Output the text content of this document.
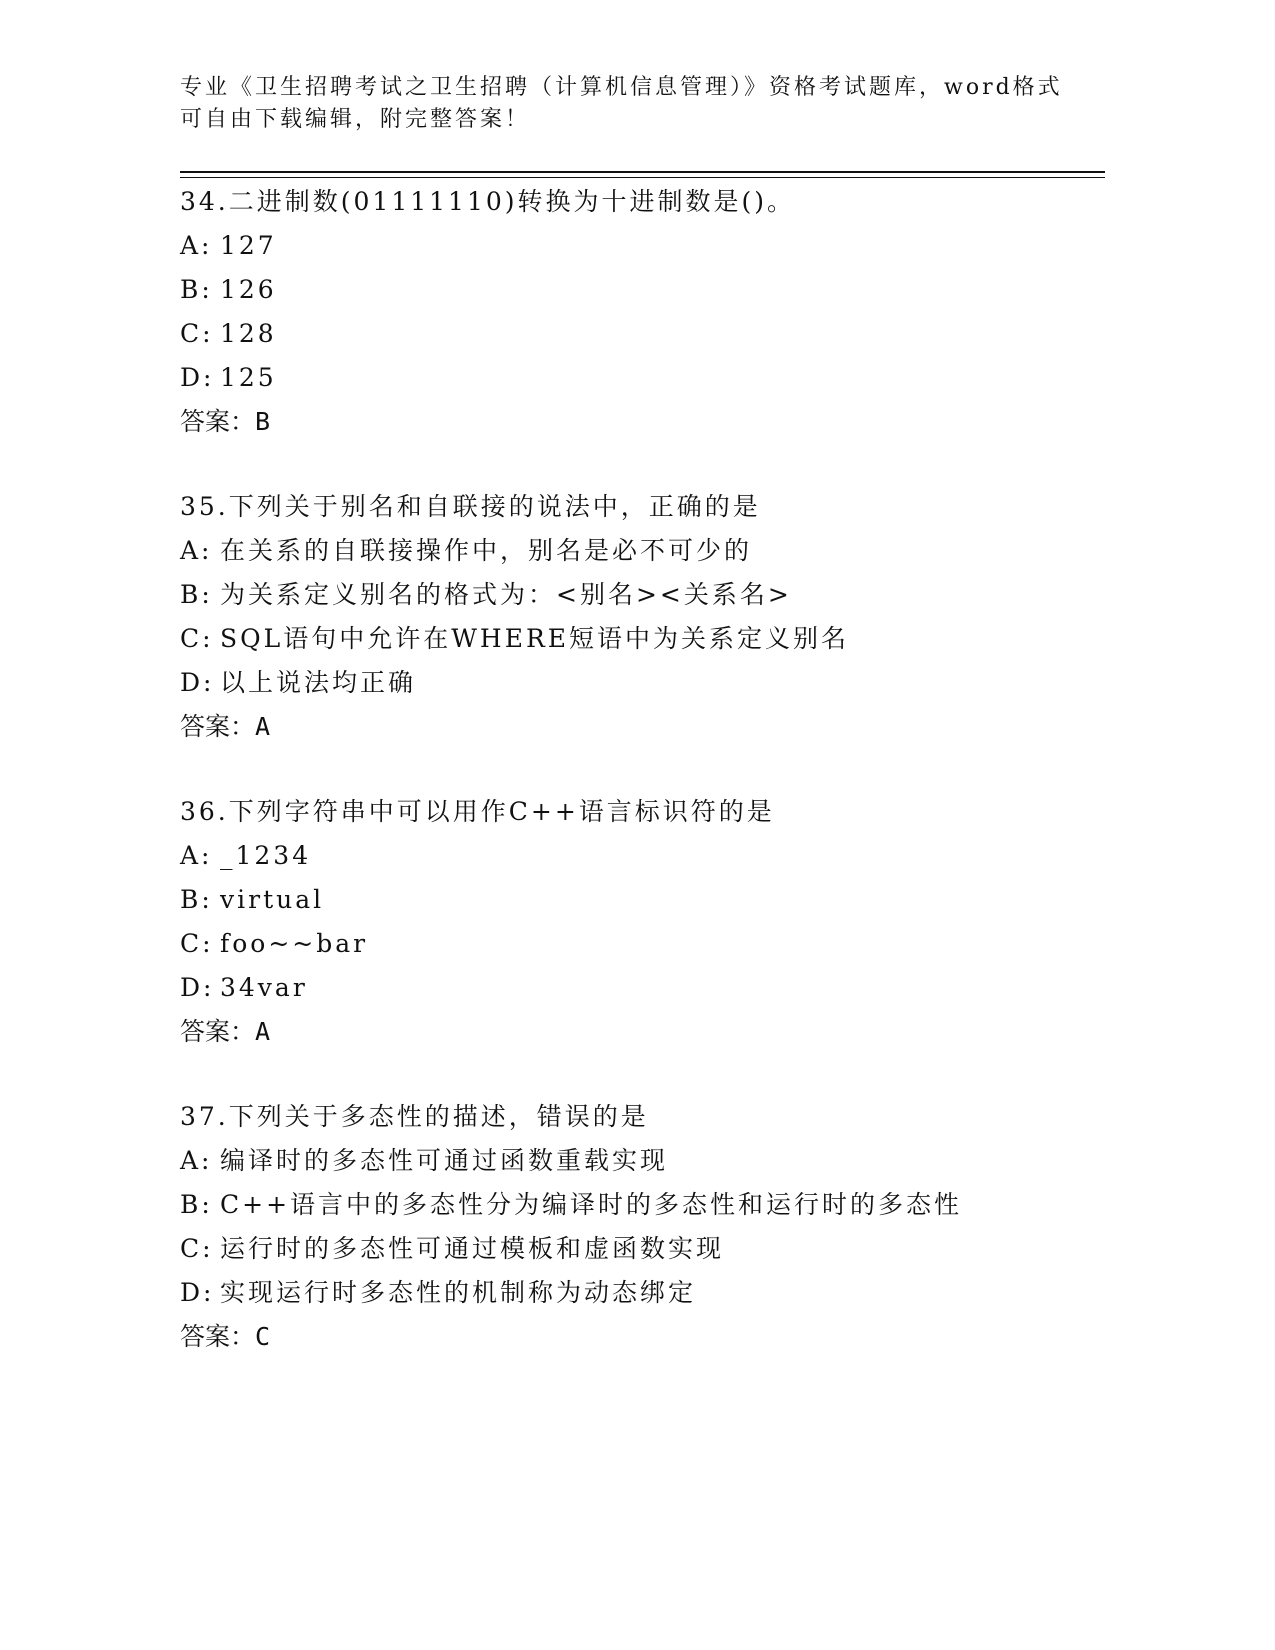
专业《卫生招聘考试之卫生招聘（计算机信息管理）》资格考试题库，word格式
可自由下载编辑，附完整答案！
34.二进制数(01111110)转换为十进制数是()。
A: 127
B: 126
C: 128
D: 125
答案：B
35.下列关于别名和自联接的说法中，正确的是
A: 在关系的自联接操作中，别名是必不可少的
B: 为关系定义别名的格式为：<别名><关系名>
C: SQL语句中允许在WHERE短语中为关系定义别名
D: 以上说法均正确
答案：A
36.下列字符串中可以用作C++语言标识符的是
A: _1234
B: virtual
C: foo~~bar
D: 34var
答案：A
37.下列关于多态性的描述，错误的是
A: 编译时的多态性可通过函数重载实现
B: C++语言中的多态性分为编译时的多态性和运行时的多态性
C: 运行时的多态性可通过模板和虚函数实现
D: 实现运行时多态性的机制称为动态绑定
答案：C
